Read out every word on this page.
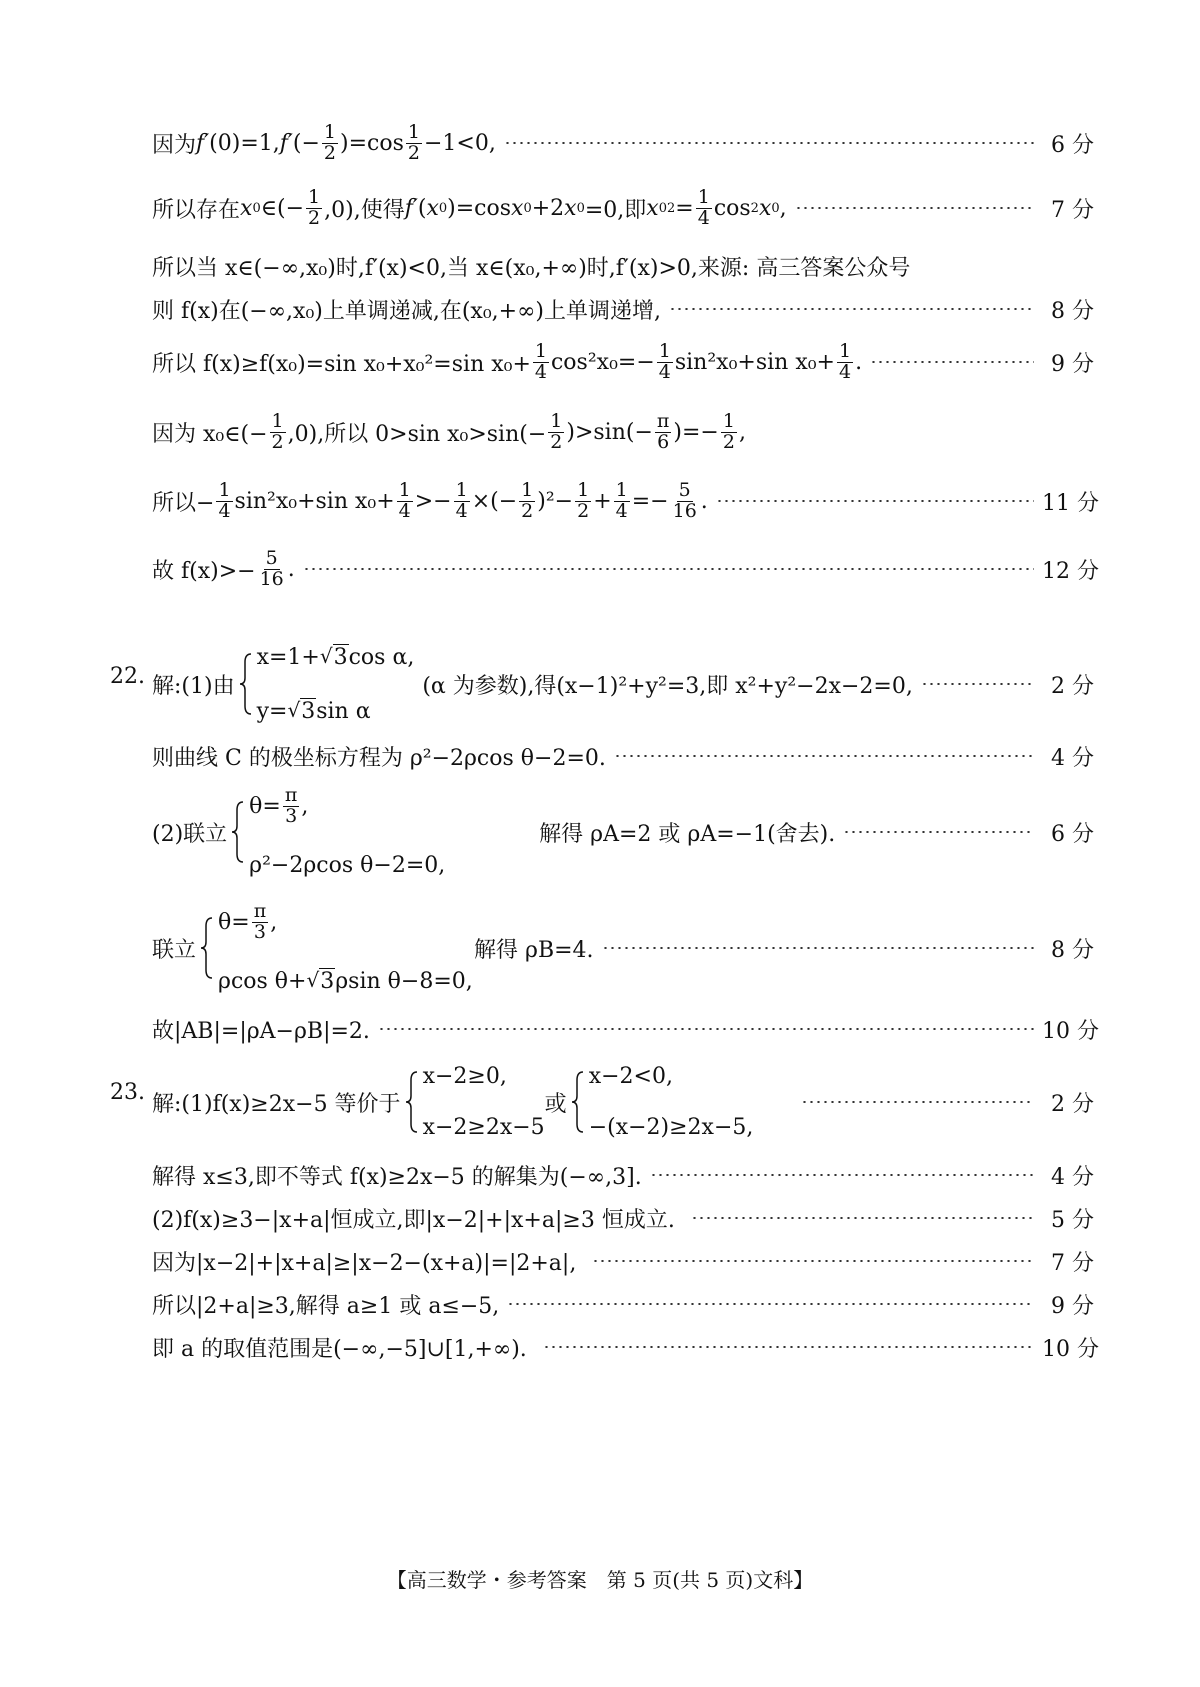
因为 f′ (0)=1, f′ (− $\frac{1}{2}$ ) $=\cos \frac{1}{2} -1<0$,	6 分
所以存在 x 0 ∈(− $\frac{1}{2} ,0$),使得 f′ ( x 0 )=cos x 0 +2 x 0 =0,即 x 0 $2 = \frac{1}{4}$ cos 2 x 0 ,	7 分
所以当 x∈(−∞,x₀)时,f′(x)<0,当 x∈(x₀,+∞)时,f′(x)>0,来源: 高三答案公众号
则 f(x)在(−∞,x₀)上单调递减,在(x₀,+∞)上单调递增,	8 分
所以 f(x)≥f(x₀)=sin x₀+x₀²=sin $x_0+ \frac{1}{4} \cos^2x_0=- \frac{1}{4} \sin^2x_0+\sin$ $x_0+ \frac{1}{4}$ .	9 分
因为 x₀∈(− $\frac{1}{2} ,0$),所以 0>sin $x_0>\sin(- \frac{1}{2} )>\sin(- \frac{\pi}{6}$ )=− $\frac{1}{2}$ ,
所以− $\frac{1}{4} \sin^2x_0+\sin$ $x_0+ \frac{1}{4} >- \frac{1}{4}$ ×(− $\frac{1}{2} )^2- \frac{1}{2} + \frac{1}{4} =- \frac{5}{16}$ .	11 分
故 $f(x)>- \frac{5}{16}$ .	12 分
22. 解:(1)由
x=1+ √ 3 cos α,
y= √ 3 sin α
(α 为参数),得(x−1)²+y²=3,即 x²+y²−2x−2=0,	2 分
则曲线 C 的极坐标方程为 ρ²−2ρcos θ−2=0.	4 分
(2)联立
$\theta= \frac{\pi}{3}$ ,
ρ²−2ρcos θ−2=0,
解得 ρA=2 或 ρA=−1(舍去).	6 分
联立
$\theta= \frac{\pi}{3}$ ,
ρcos θ+ √ 3 ρsin θ−8=0,
解得 ρB=4.	8 分
故|AB|=|ρA−ρB|=2.	10 分
23. 解:(1)f(x)≥2x−5 等价于
x−2≥0,
x−2≥2x−5
或
x−2<0,
−(x−2)≥2x−5,
2 分
解得 x≤3,即不等式 f(x)≥2x−5 的解集为(−∞,3].	4 分
(2)f(x)≥3−|x+a|恒成立,即|x−2|+|x+a|≥3 恒成立.	5 分
因为|x−2|+|x+a|≥|x−2−(x+a)|=|2+a|,	7 分
所以|2+a|≥3,解得 a≥1 或 a≤−5,	9 分
即 a 的取值范围是(−∞,−5]∪[1,+∞).	10 分
【高三数学・参考答案　第 5 页(共 5 页)文科】
